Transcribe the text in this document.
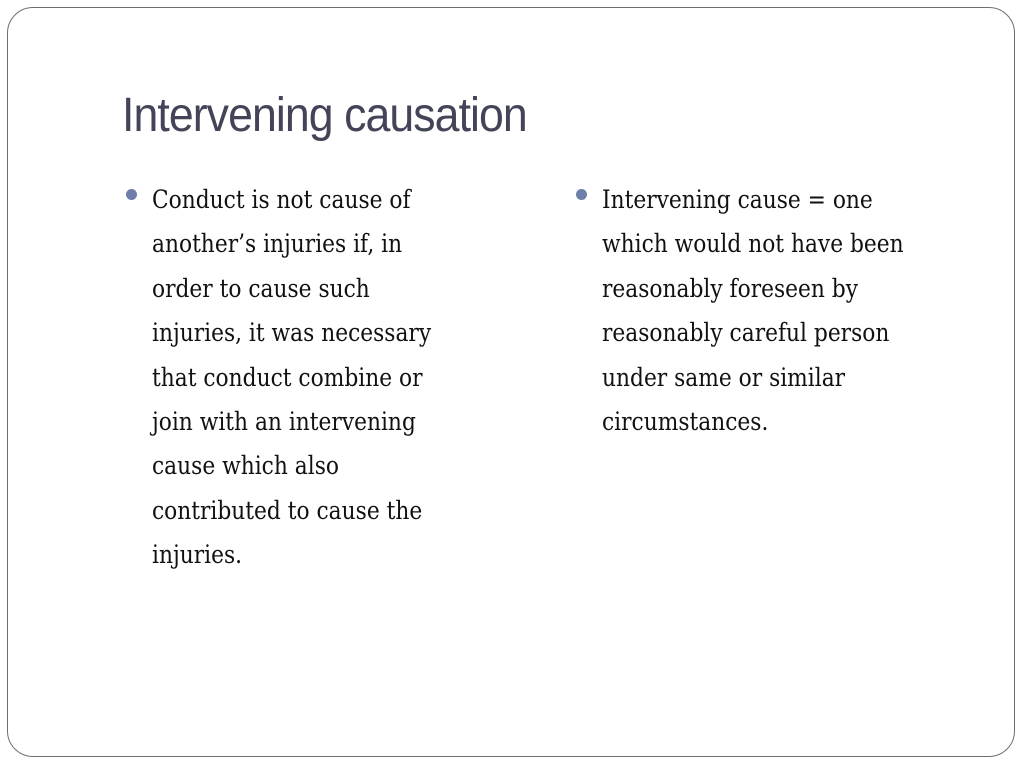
Intervening causation
Conduct is not cause of
another’s injuries if, in
order to cause such
injuries, it was necessary
that conduct combine or
join with an intervening
cause which also
contributed to cause the
injuries.
Intervening cause = one
which would not have been
reasonably foreseen by
reasonably careful person
under same or similar
circumstances.
